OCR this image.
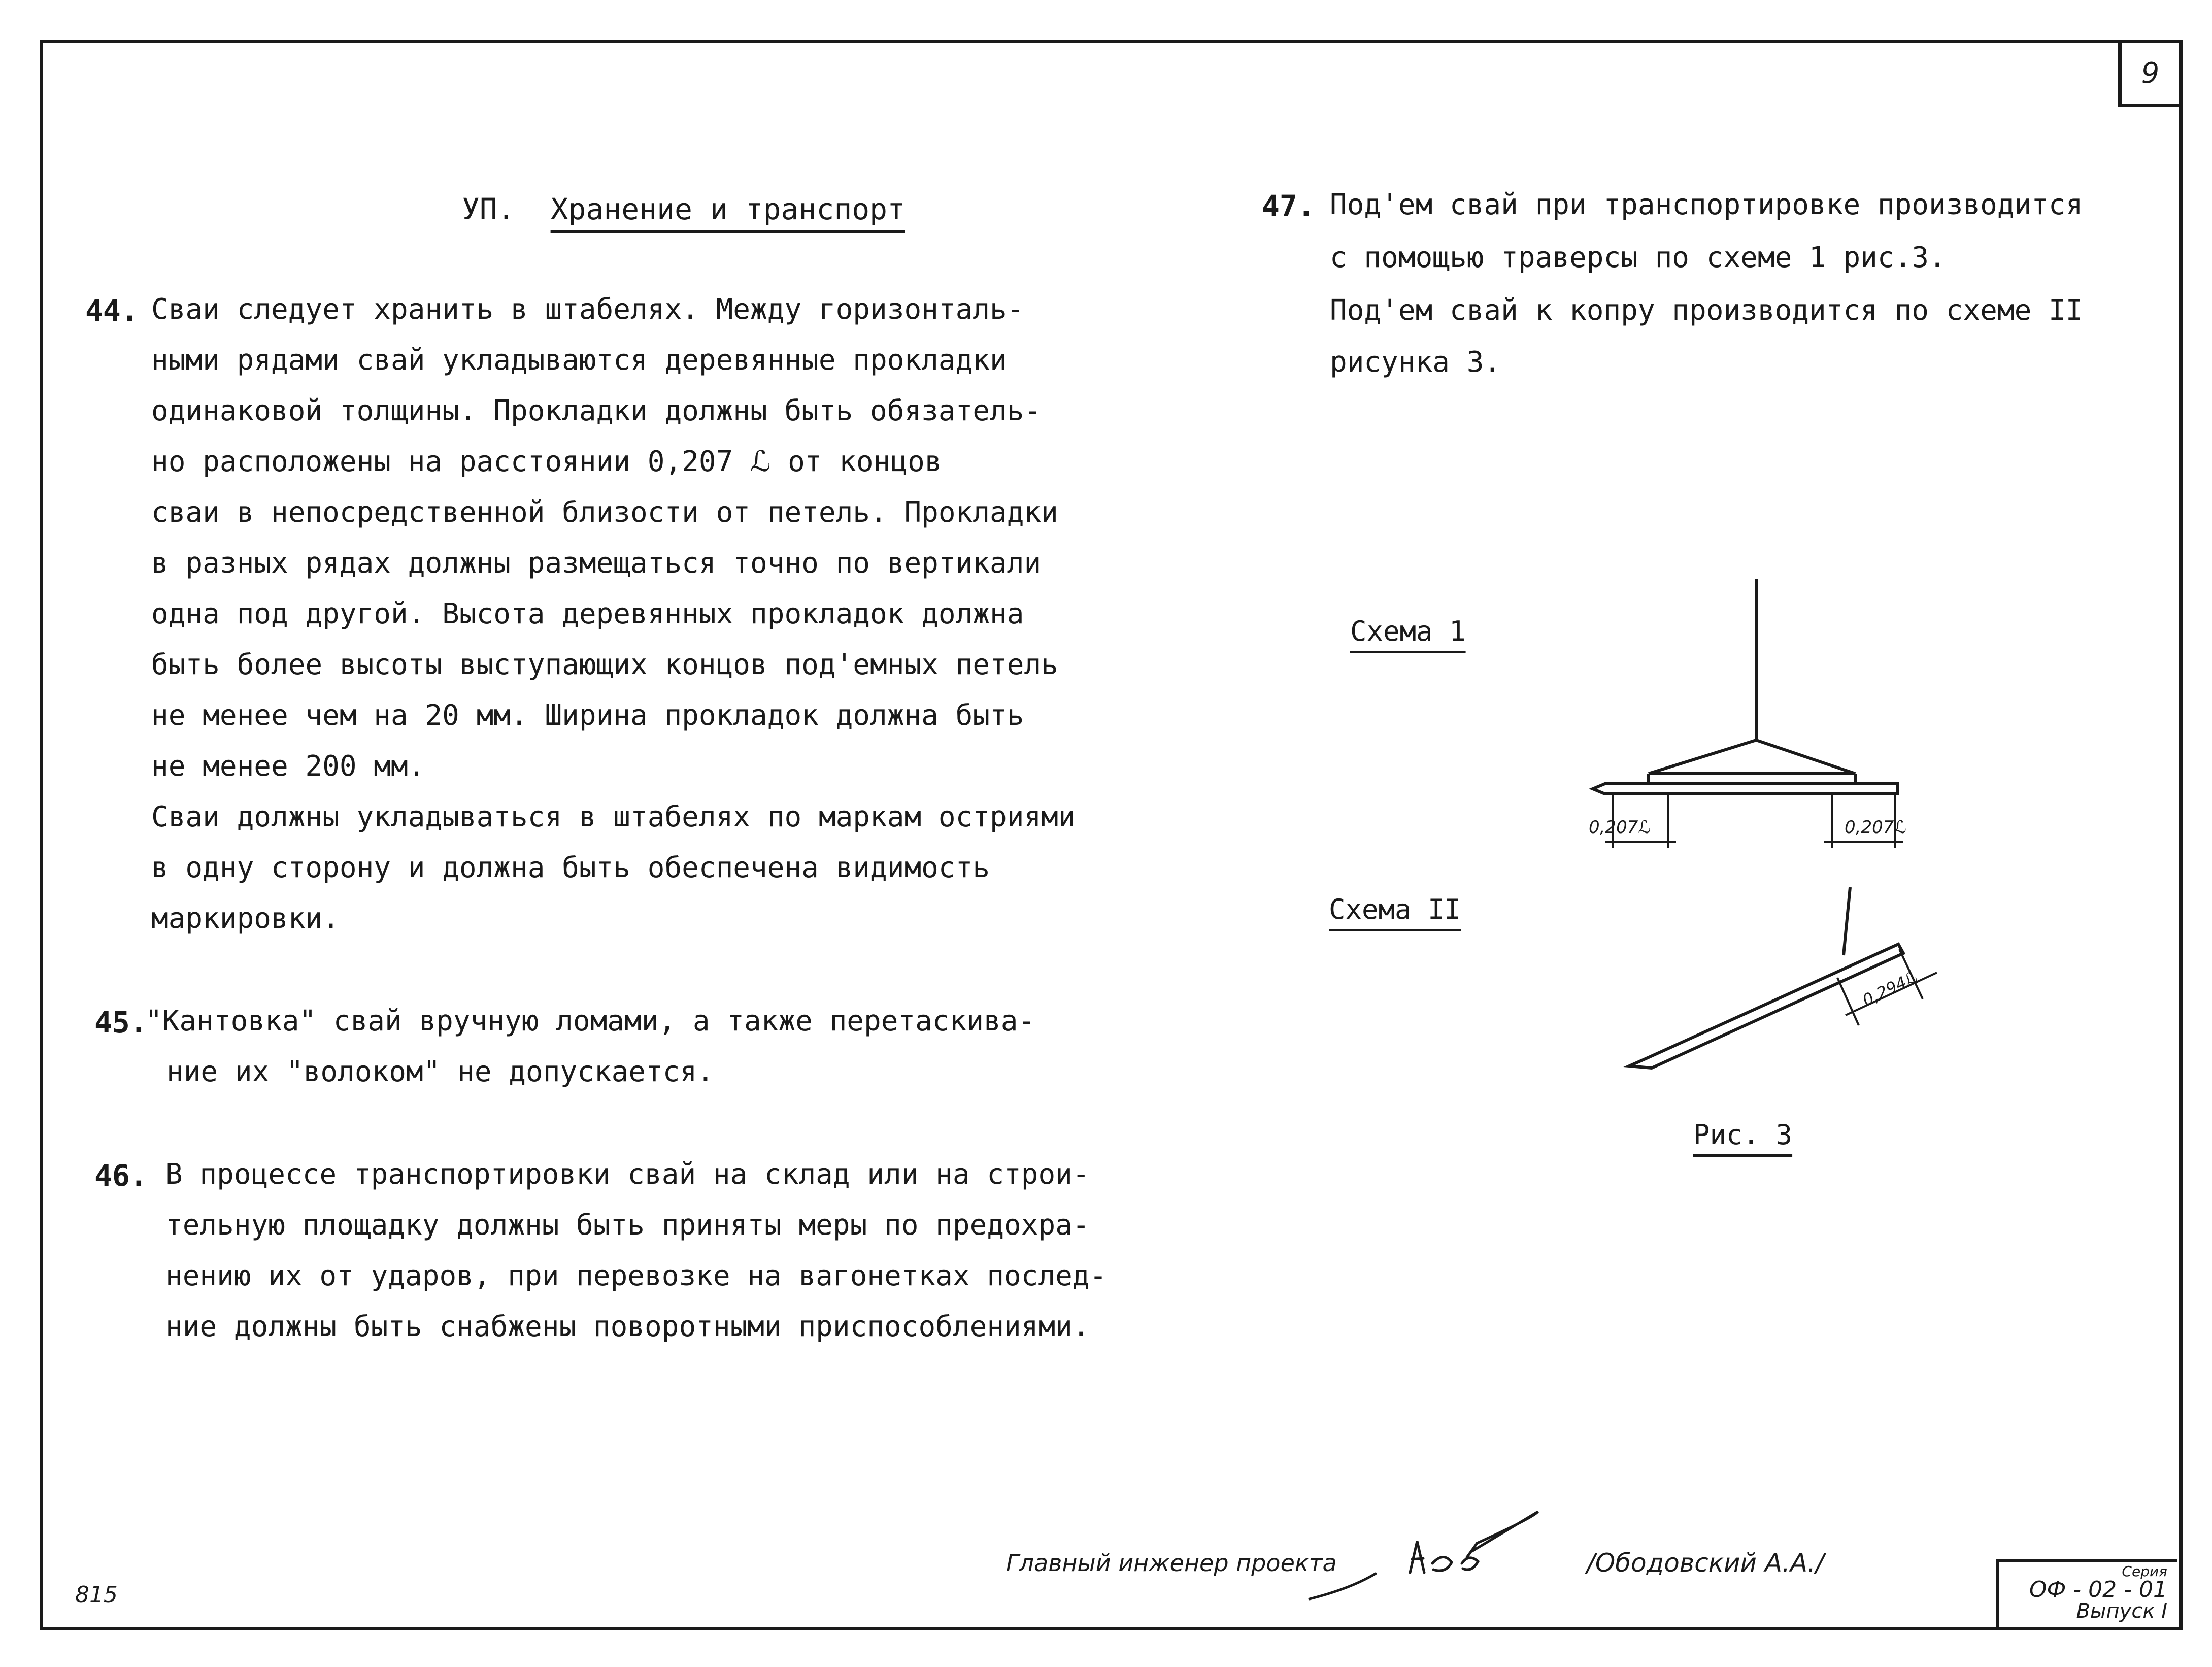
9
УП. Хранение и транспорт
44. Сваи следует хранить в штабелях. Между горизонталь-
ными рядами свай укладываются деревянные прокладки
одинаковой толщины. Прокладки должны быть обязатель-
но расположены на расстоянии 0,207 ℒ от концов
сваи в непосредственной близости от петель. Прокладки
в разных рядах должны размещаться точно по вертикали
одна под другой. Высота деревянных прокладок должна
быть более высоты выступающих концов под'емных петель
не менее чем на 20 мм. Ширина прокладок должна быть
не менее 200 мм.
Сваи должны укладываться в штабелях по маркам остриями
в одну сторону и должна быть обеспечена видимость
маркировки.
45.
"Кантовка" свай вручную ломами, а также перетаскива-
ние их "волоком" не допускается.
46. В процессе транспортировки свай на склад или на строи-
тельную площадку должны быть приняты меры по предохра-
нению их от ударов, при перевозке на вагонетках послед-
ние должны быть снабжены поворотными приспособлениями.
47. Под'ем свай при транспортировке производится
с помощью траверсы по схеме 1 рис.3.
Под'ем свай к копру производится по схеме II
рисунка 3.
Схема 1
Схема II
Рис. 3
0,207ℒ	0,207ℒ
0,294ℒ
815
Главный инженер проекта	/Ободовский А.А./	Серия
ОФ - 02 - 01
Выпуск I
